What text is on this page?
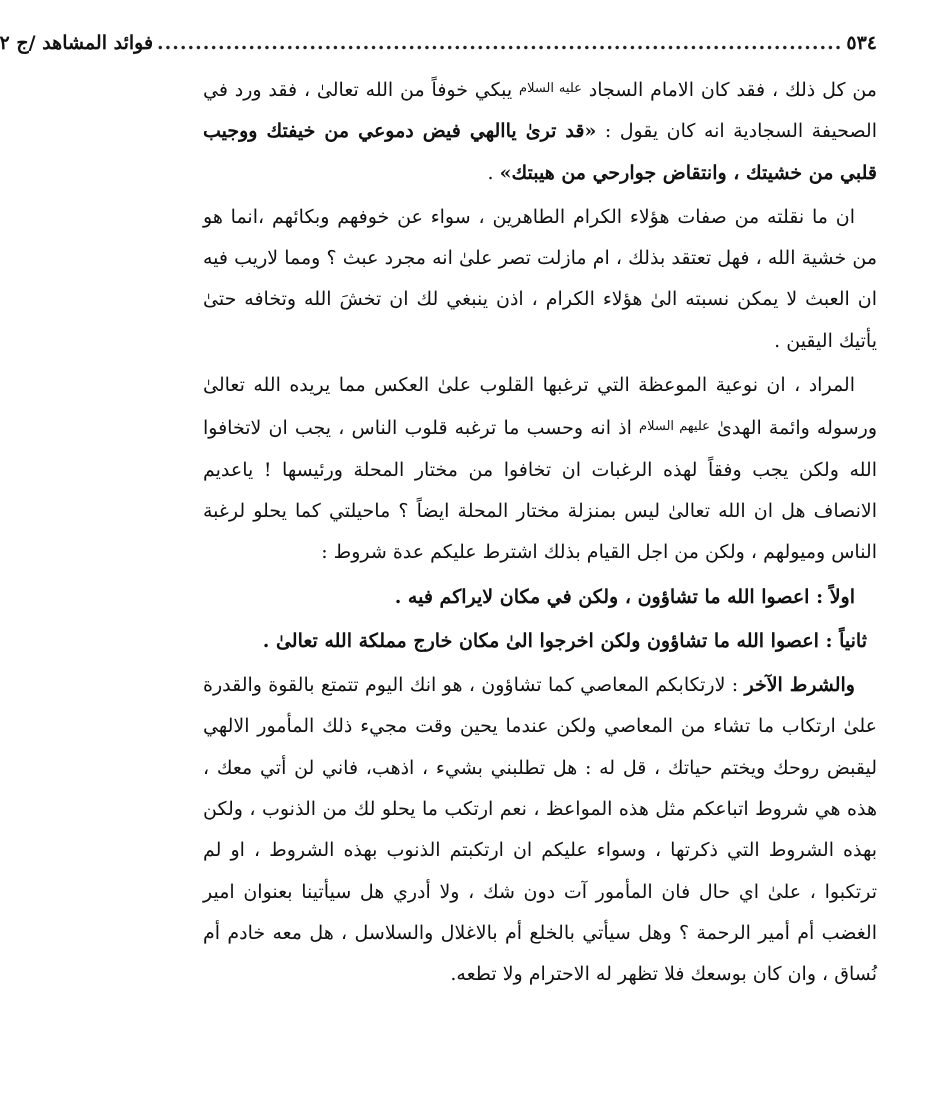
٥٣٤
..........................................................................................
فوائد المشاهد /ج ٢

من كل ذلك ، فقد كان الامام السجاد $^{عليه السلام}$ يبكي خوفاً من الله تعالىٰ ، فقد ورد في الصحيفة السجادية انه كان يقول : «قد ترىٰ ياالهي فيض دموعي من خيفتك ووجيب قلبي من خشيتك ، وانتقاض جوارحي من هيبتك» .

ان ما نقلته من صفات هؤلاء الكرام الطاهرين ، سواء عن خوفهم وبكائهم ،انما هو من خشية الله ، فهل تعتقد بذلك ، ام مازلت تصر علىٰ انه مجرد عبث ؟ ومما لاريب فيه ان العبث لا يمكن نسبته الىٰ هؤلاء الكرام ، اذن ينبغي لك ان تخشَ الله وتخافه حتىٰ يأتيك اليقين .

المراد ، ان نوعية الموعظة التي ترغبها القلوب علىٰ العكس مما يريده الله تعالىٰ ورسوله وائمة الهدىٰ $^{عليهم السلام}$ اذ انه وحسب ما ترغبه قلوب الناس ، يجب ان لاتخافوا الله ولكن يجب وفقاً لهذه الرغبات ان تخافوا من مختار المحلة ورئيسها ! ياعديم الانصاف هل ان الله تعالىٰ ليس بمنزلة مختار المحلة ايضاً ؟ ماحيلتي كما يحلو لرغبة الناس وميولهم ، ولكن من اجل القيام بذلك اشترط عليكم عدة شروط :

اولاً : اعصوا الله ما تشاؤون ، ولكن في مكان لايراكم فيه .

ثانياً : اعصوا الله ما تشاؤون ولكن اخرجوا الىٰ مكان خارج مملكة الله تعالىٰ .

والشرط الآخر : لارتكابكم المعاصي كما تشاؤون ، هو انك اليوم تتمتع بالقوة والقدرة علىٰ ارتكاب ما تشاء من المعاصي ولكن عندما يحين وقت مجيء ذلك المأمور الالهي ليقبض روحك ويختم حياتك ، قل له : هل تطلبني بشيء ، اذهب، فاني لن أتي معك ، هذه هي شروط اتباعكم مثل هذه المواعظ ، نعم ارتكب ما يحلو لك من الذنوب ، ولكن بهذه الشروط التي ذكرتها ، وسواء عليكم ان ارتكبتم الذنوب بهذه الشروط ، او لم ترتكبوا ، علىٰ اي حال فان المأمور آت دون شك ، ولا أدري هل سيأتينا بعنوان امير الغضب أم أمير الرحمة ؟ وهل سيأتي بالخلع أم بالاغلال والسلاسل ، هل معه خادم أم نُساق ، وان كان بوسعك فلا تظهر له الاحترام ولا تطعه.
